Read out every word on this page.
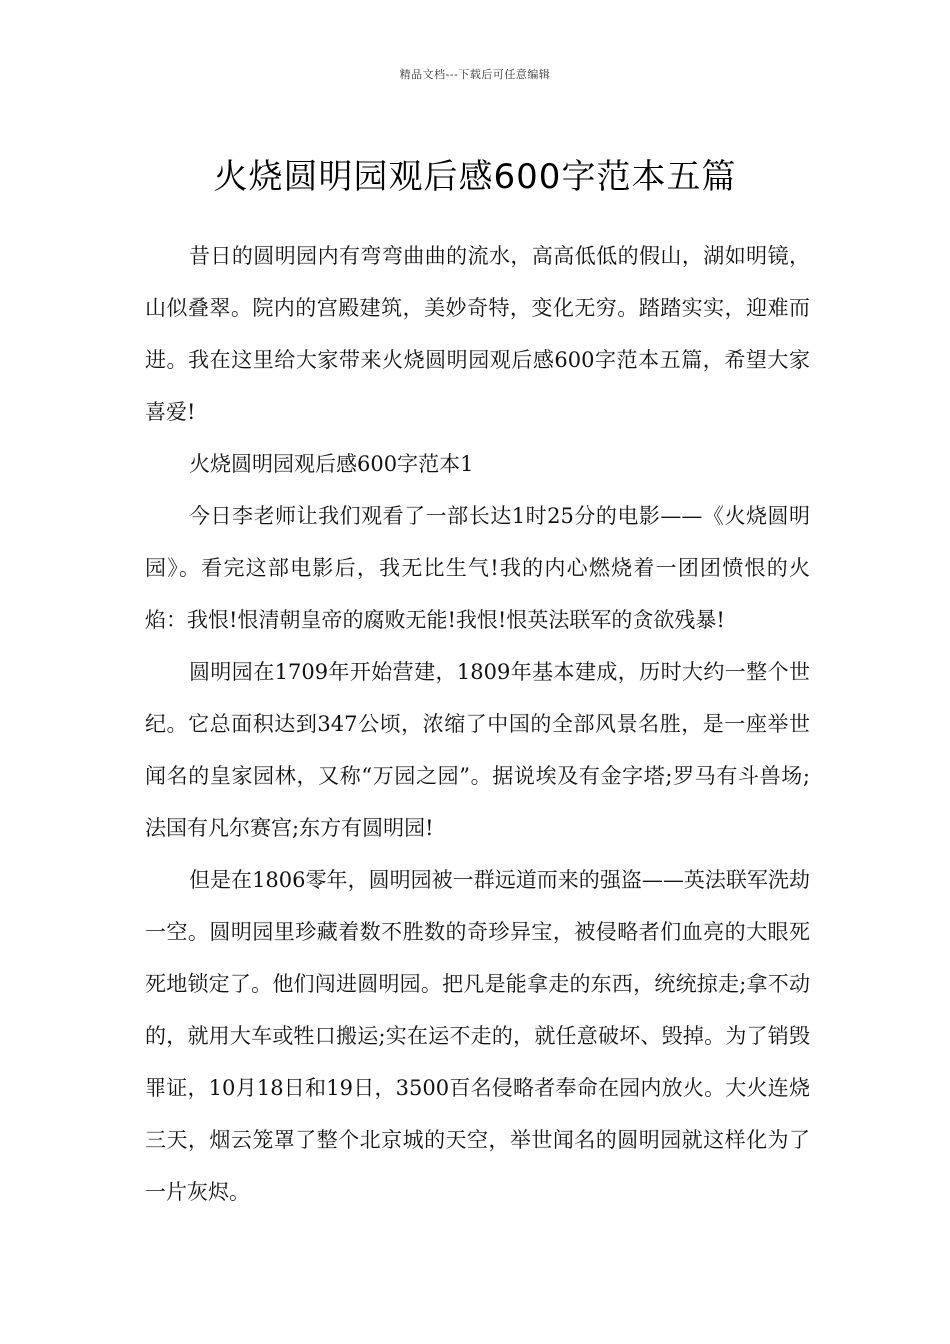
精品文档---下载后可任意编辑
火烧圆明园观后感600字范本五篇

昔日的圆明园内有弯弯曲曲的流水，高高低低的假山，湖如明镜，山似叠翠。院内的宫殿建筑，美妙奇特，变化无穷。踏踏实实，迎难而进。我在这里给大家带来火烧圆明园观后感600字范本五篇，希望大家喜爱!

火烧圆明园观后感600字范本1

今日李老师让我们观看了一部长达1时25分的电影——《火烧圆明园》。看完这部电影后，我无比生气!我的内心燃烧着一团团愤恨的火焰：我恨!恨清朝皇帝的腐败无能!我恨!恨英法联军的贪欲残暴!

圆明园在1709年开始营建，1809年基本建成，历时大约一整个世纪。它总面积达到347公顷，浓缩了中国的全部风景名胜，是一座举世闻名的皇家园林，又称“万园之园”。据说埃及有金字塔;罗马有斗兽场;法国有凡尔赛宫;东方有圆明园!

但是在1806零年，圆明园被一群远道而来的强盗——英法联军洗劫一空。圆明园里珍藏着数不胜数的奇珍异宝，被侵略者们血亮的大眼死死地锁定了。他们闯进圆明园。把凡是能拿走的东西，统统掠走;拿不动的，就用大车或牲口搬运;实在运不走的，就任意破坏、毁掉。为了销毁罪证，10月18日和19日，3500百名侵略者奉命在园内放火。大火连烧三天，烟云笼罩了整个北京城的天空，举世闻名的圆明园就这样化为了一片灰烬。
